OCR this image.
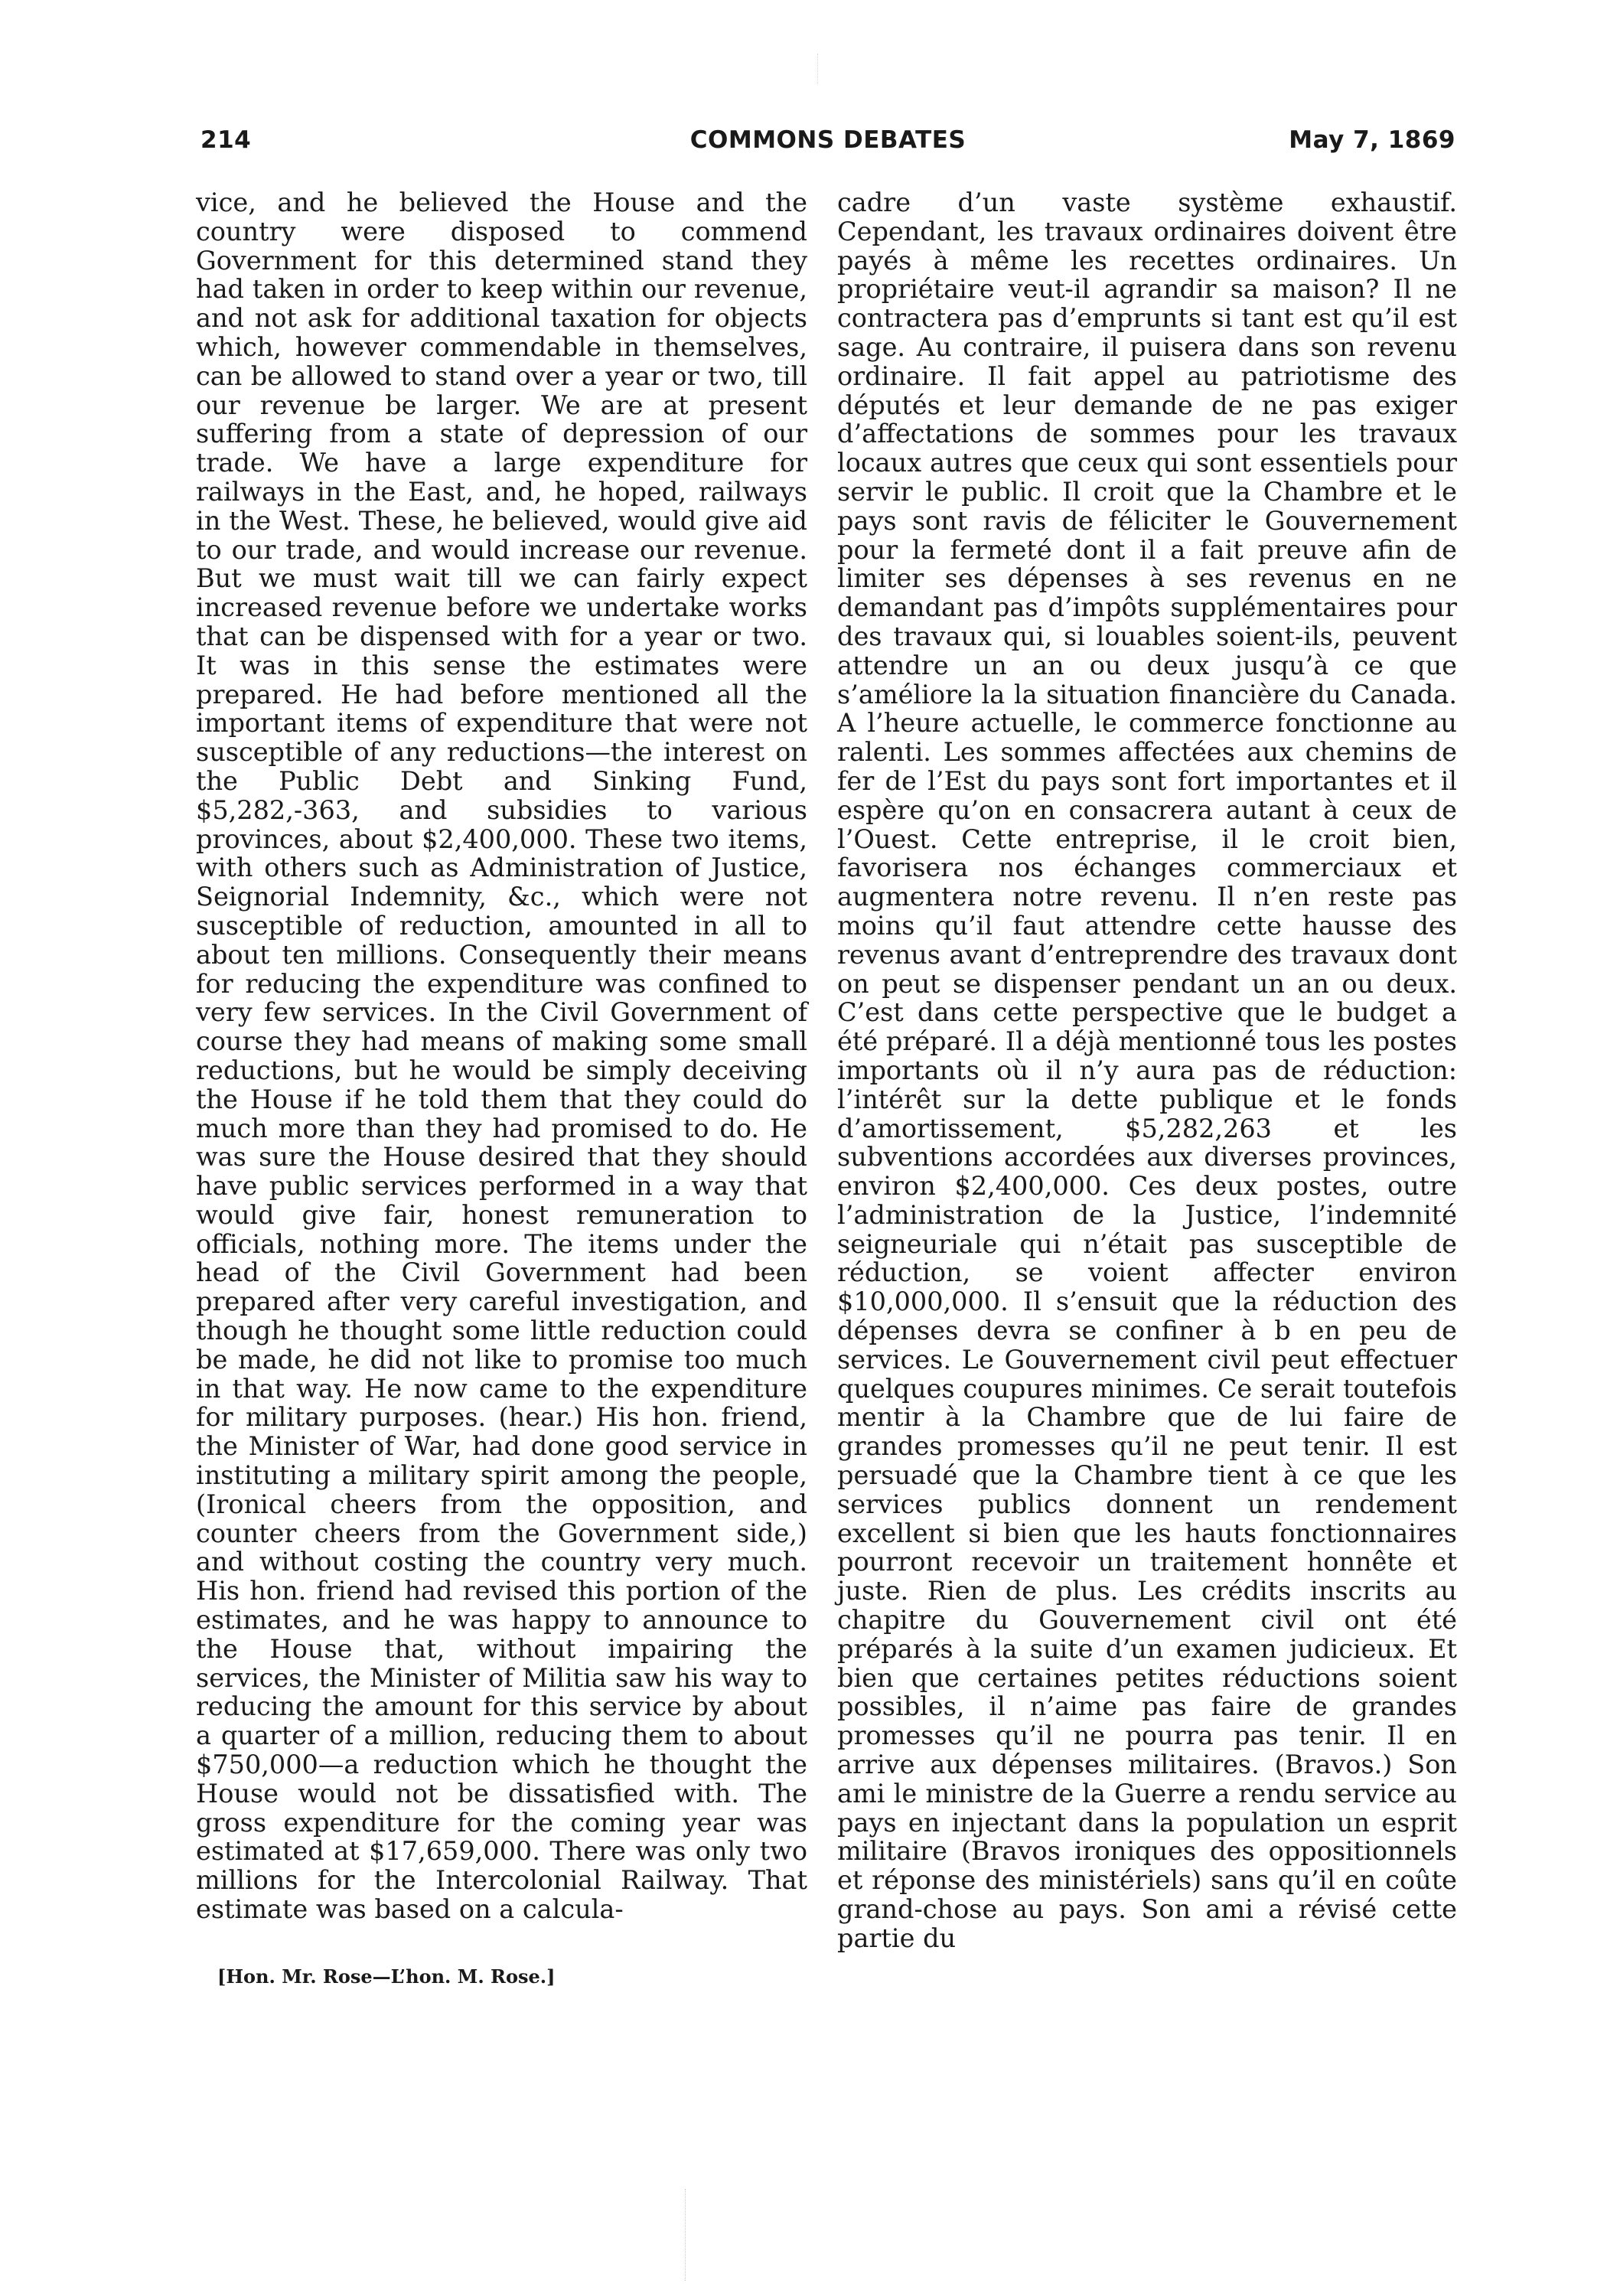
214	COMMONS DEBATES	May 7, 1869

vice, and he believed the House and the country were disposed to commend Government for this determined stand they had taken in order to keep within our revenue, and not ask for additional taxation for objects which, however commendable in themselves, can be allowed to stand over a year or two, till our revenue be larger. We are at present suffering from a state of depression of our trade. We have a large expenditure for railways in the East, and, he hoped, railways in the West. These, he believed, would give aid to our trade, and would increase our revenue. But we must wait till we can fairly expect increased revenue before we undertake works that can be dispensed with for a year or two. It was in this sense the estimates were prepared. He had before mentioned all the important items of expenditure that were not susceptible of any reductions—the interest on the Public Debt and Sinking Fund, $5,282,-363, and subsidies to various provinces, about $2,400,000. These two items, with others such as Administration of Justice, Seignorial Indemnity, &c., which were not susceptible of reduction, amounted in all to about ten millions. Consequently their means for reducing the expenditure was confined to very few services. In the Civil Government of course they had means of making some small reductions, but he would be simply deceiving the House if he told them that they could do much more than they had promised to do. He was sure the House desired that they should have public services performed in a way that would give fair, honest remuneration to officials, nothing more. The items under the head of the Civil Government had been prepared after very careful investigation, and though he thought some little reduction could be made, he did not like to promise too much in that way. He now came to the expenditure for military purposes. (hear.) His hon. friend, the Minister of War, had done good service in instituting a military spirit among the people, (Ironical cheers from the opposition, and counter cheers from the Government side,) and without costing the country very much. His hon. friend had revised this portion of the estimates, and he was happy to announce to the House that, without impairing the services, the Minister of Militia saw his way to reducing the amount for this service by about a quarter of a million, reducing them to about $750,000—a reduction which he thought the House would not be dissatisfied with. The gross expenditure for the coming year was estimated at $17,659,000. There was only two millions for the Intercolonial Railway. That estimate was based on a calcula-

cadre d’un vaste système exhaustif. Cependant, les travaux ordinaires doivent être payés à même les recettes ordinaires. Un propriétaire veut-il agrandir sa maison? Il ne contractera pas d’emprunts si tant est qu’il est sage. Au contraire, il puisera dans son revenu ordinaire. Il fait appel au patriotisme des députés et leur demande de ne pas exiger d’affectations de sommes pour les travaux locaux autres que ceux qui sont essentiels pour servir le public. Il croit que la Chambre et le pays sont ravis de féliciter le Gouvernement pour la fermeté dont il a fait preuve afin de limiter ses dépenses à ses revenus en ne demandant pas d’impôts supplémentaires pour des travaux qui, si louables soient-ils, peuvent attendre un an ou deux jusqu’à ce que s’améliore la la situation financière du Canada. A l’heure actuelle, le commerce fonctionne au ralenti. Les sommes affectées aux chemins de fer de l’Est du pays sont fort importantes et il espère qu’on en consacrera autant à ceux de l’Ouest. Cette entreprise, il le croit bien, favorisera nos échanges commerciaux et augmentera notre revenu. Il n’en reste pas moins qu’il faut attendre cette hausse des revenus avant d’entreprendre des travaux dont on peut se dispenser pendant un an ou deux. C’est dans cette perspective que le budget a été préparé. Il a déjà mentionné tous les postes importants où il n’y aura pas de réduction: l’intérêt sur la dette publique et le fonds d’amortissement, $5,282,263 et les subventions accordées aux diverses provinces, environ $2,400,000. Ces deux postes, outre l’administration de la Justice, l’indemnité seigneuriale qui n’était pas susceptible de réduction, se voient affecter environ $10,000,000. Il s’ensuit que la réduction des dépenses devra se confiner à b en peu de services. Le Gouvernement civil peut effectuer quelques coupures minimes. Ce serait toutefois mentir à la Chambre que de lui faire de grandes promesses qu’il ne peut tenir. Il est persuadé que la Chambre tient à ce que les services publics donnent un rendement excellent si bien que les hauts fonctionnaires pourront recevoir un traitement honnête et juste. Rien de plus. Les crédits inscrits au chapitre du Gouvernement civil ont été préparés à la suite d’un examen judicieux. Et bien que certaines petites réductions soient possibles, il n’aime pas faire de grandes promesses qu’il ne pourra pas tenir. Il en arrive aux dépenses militaires. (Bravos.) Son ami le ministre de la Guerre a rendu service au pays en injectant dans la population un esprit militaire (Bravos ironiques des oppositionnels et réponse des ministériels) sans qu’il en coûte grand-chose au pays. Son ami a révisé cette partie du

[Hon. Mr. Rose—L’hon. M. Rose.]
